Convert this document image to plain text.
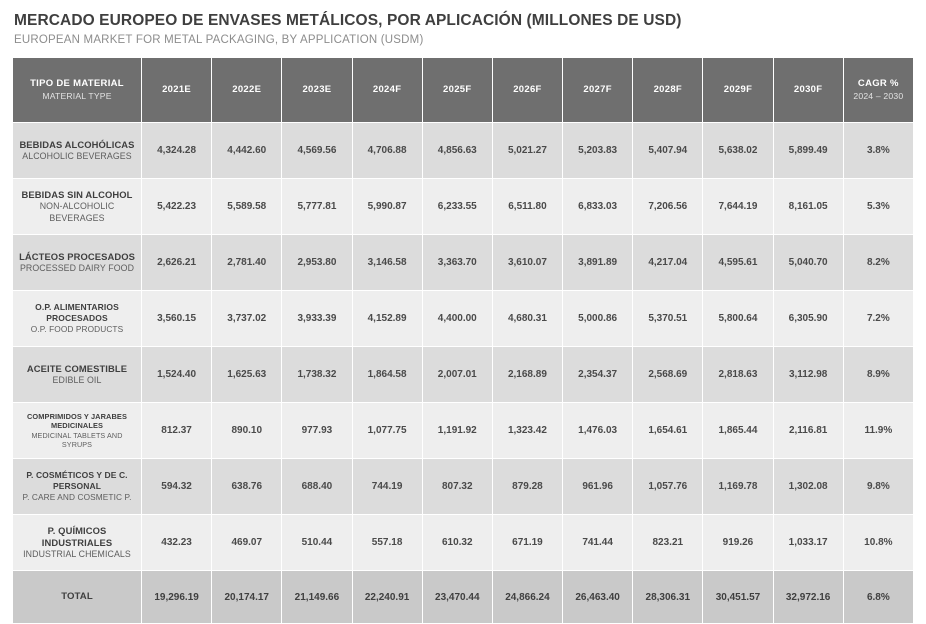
MERCADO EUROPEO DE ENVASES METÁLICOS, POR APLICACIÓN (MILLONES DE USD)
EUROPEAN MARKET FOR METAL PACKAGING, BY APPLICATION (USDM)
TIPO DE MATERIAL
MATERIAL TYPE	2021E	2022E	2023E	2024F	2025F	2026F	2027F	2028F	2029F	2030F	CAGR %
2024 – 2030

BEBIDAS ALCOHÓLICAS
ALCOHOLIC BEVERAGES	4,324.28	4,442.60	4,569.56	4,706.88	4,856.63	5,021.27	5,203.83	5,407.94	5,638.02	5,899.49	3.8%

BEBIDAS SIN ALCOHOL
NON-ALCOHOLIC BEVERAGES	5,422.23	5,589.58	5,777.81	5,990.87	6,233.55	6,511.80	6,833.03	7,206.56	7,644.19	8,161.05	5.3%

LÁCTEOS PROCESADOS
PROCESSED DAIRY FOOD	2,626.21	2,781.40	2,953.80	3,146.58	3,363.70	3,610.07	3,891.89	4,217.04	4,595.61	5,040.70	8.2%

O.P. ALIMENTARIOS PROCESADOS
O.P. FOOD PRODUCTS	3,560.15	3,737.02	3,933.39	4,152.89	4,400.00	4,680.31	5,000.86	5,370.51	5,800.64	6,305.90	7.2%

ACEITE COMESTIBLE
EDIBLE OIL	1,524.40	1,625.63	1,738.32	1,864.58	2,007.01	2,168.89	2,354.37	2,568.69	2,818.63	3,112.98	8.9%

COMPRIMIDOS Y JARABES MEDICINALES
MEDICINAL TABLETS AND SYRUPS	812.37	890.10	977.93	1,077.75	1,191.92	1,323.42	1,476.03	1,654.61	1,865.44	2,116.81	11.9%

P. COSMÉTICOS Y DE C. PERSONAL
P. CARE AND COSMETIC P.	594.32	638.76	688.40	744.19	807.32	879.28	961.96	1,057.76	1,169.78	1,302.08	9.8%

P. QUÍMICOS INDUSTRIALES
INDUSTRIAL CHEMICALS	432.23	469.07	510.44	557.18	610.32	671.19	741.44	823.21	919.26	1,033.17	10.8%

TOTAL	19,296.19	20,174.17	21,149.66	22,240.91	23,470.44	24,866.24	26,463.40	28,306.31	30,451.57	32,972.16	6.8%
